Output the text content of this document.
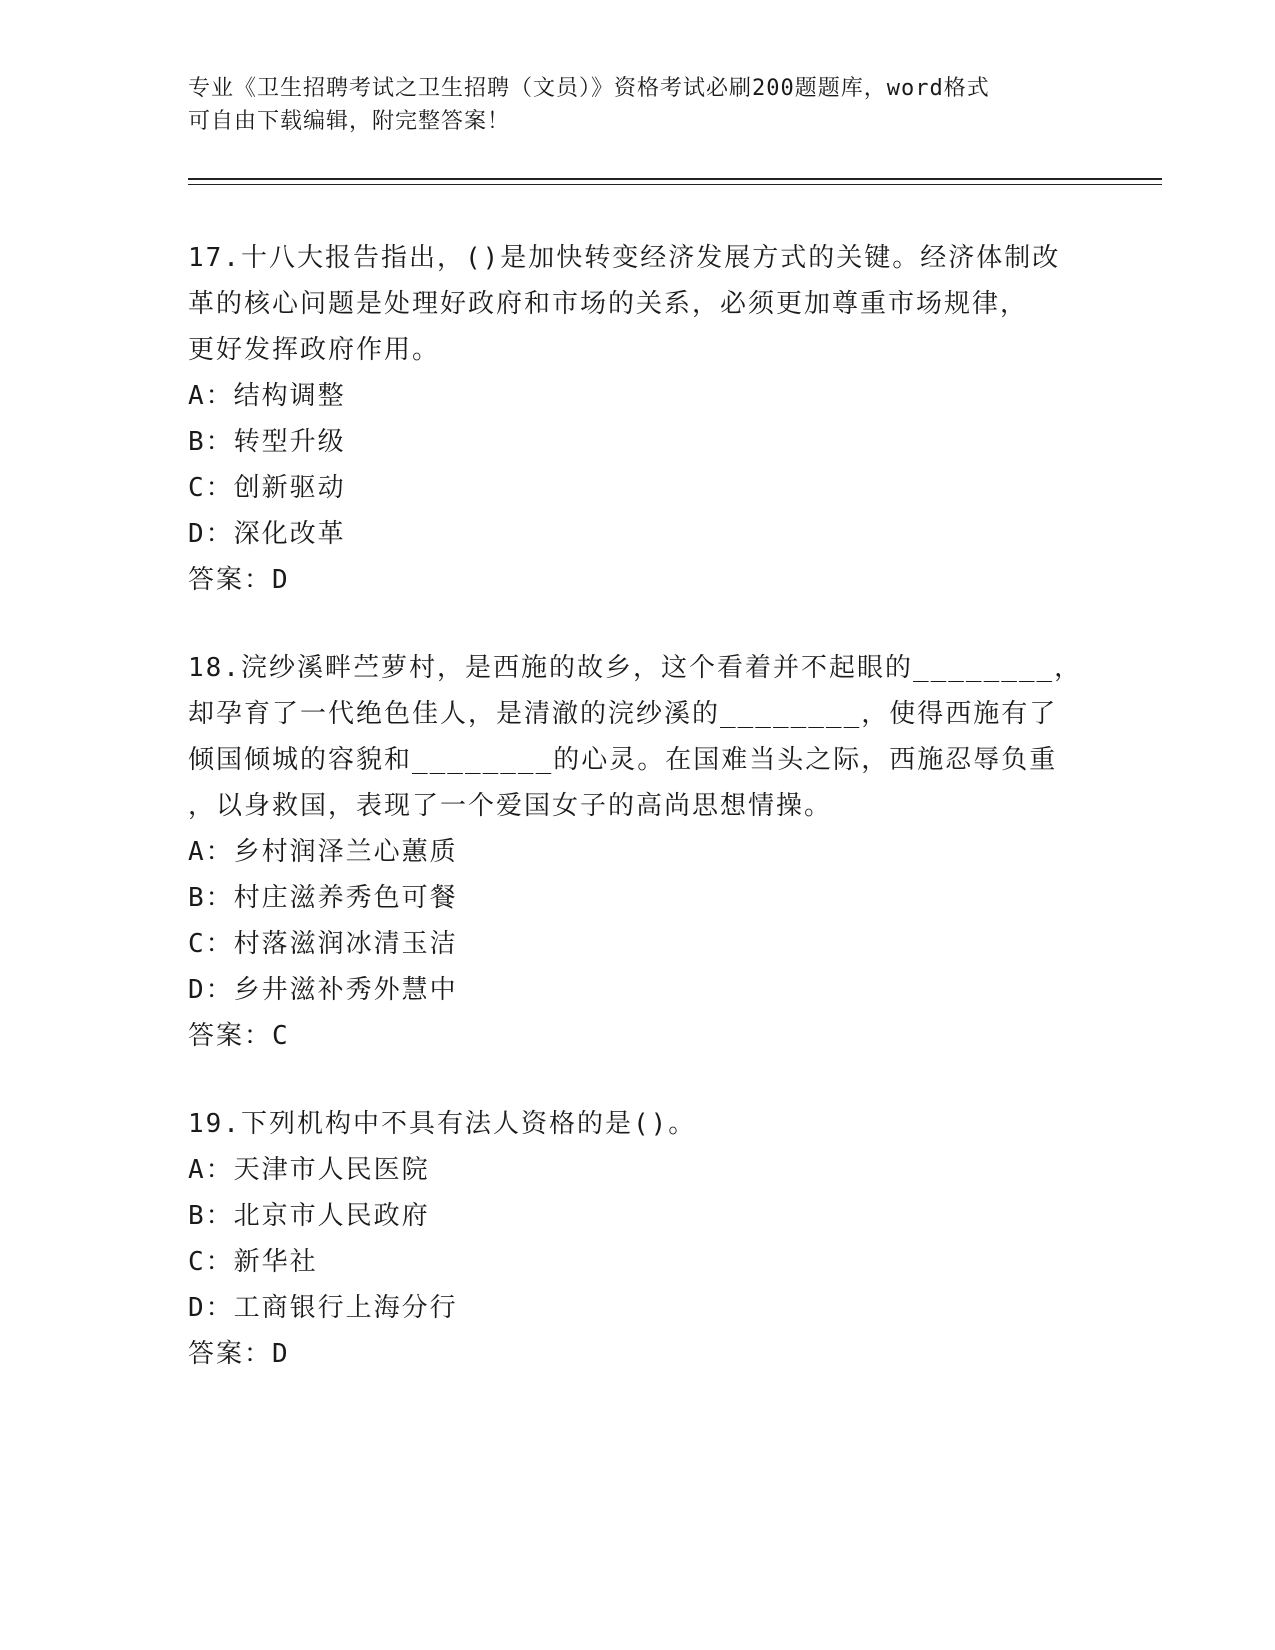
专业《卫生招聘考试之卫生招聘（文员）》资格考试必刷200题题库，word格式
可自由下载编辑，附完整答案！
17.十八大报告指出，()是加快转变经济发展方式的关键。经济体制改
革的核心问题是处理好政府和市场的关系，必须更加尊重市场规律，
更好发挥政府作用。
A：结构调整
B：转型升级
C：创新驱动
D：深化改革
答案：D
18.浣纱溪畔苎萝村，是西施的故乡，这个看着并不起眼的________，
却孕育了一代绝色佳人，是清澈的浣纱溪的________，使得西施有了
倾国倾城的容貌和________的心灵。在国难当头之际，西施忍辱负重
，以身救国，表现了一个爱国女子的高尚思想情操。
A：乡村润泽兰心蕙质
B：村庄滋养秀色可餐
C：村落滋润冰清玉洁
D：乡井滋补秀外慧中
答案：C
19.下列机构中不具有法人资格的是()。
A：天津市人民医院
B：北京市人民政府
C：新华社
D：工商银行上海分行
答案：D
